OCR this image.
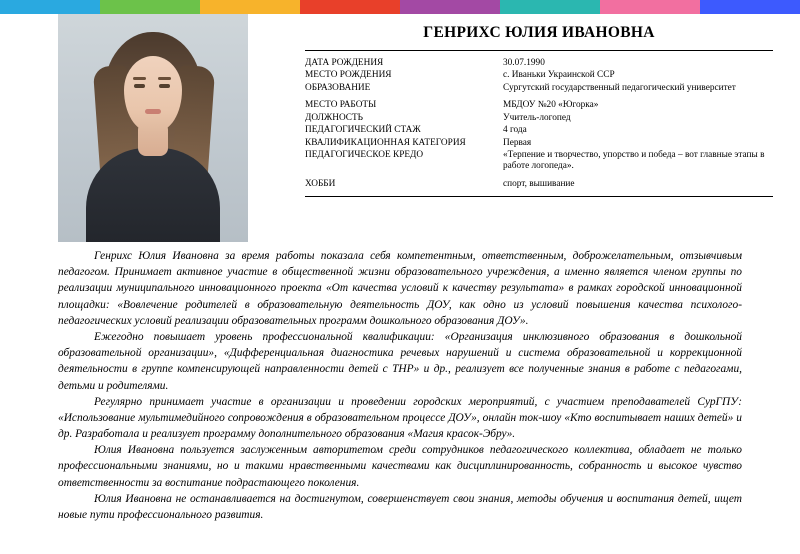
ГЕНРИХС ЮЛИЯ ИВАНОВНА
ДАТА РОЖДЕНИЯ	30.07.1990
МЕСТО РОЖДЕНИЯ	с. Иваньки Украинской ССР
ОБРАЗОВАНИЕ	Сургутский государственный педагогический университет
МЕСТО РАБОТЫ	МБДОУ №20 «Югорка»
ДОЛЖНОСТЬ	Учитель-логопед
ПЕДАГОГИЧЕСКИЙ СТАЖ	4 года
КВАЛИФИКАЦИОННАЯ КАТЕГОРИЯ	Первая
ПЕДАГОГИЧЕСКОЕ КРЕДО	«Терпение и творчество, упорство и победа – вот главные этапы в работе логопеда».
ХОББИ	спорт, вышивание

Генрихс Юлия Ивановна за время работы показала себя компетентным, ответственным, доброжелательным, отзывчивым педагогом. Принимает активное участие в общественной жизни образовательного учреждения, а именно является членом группы по реализации муниципального инновационного проекта «От качества условий к качеству результата» в рамках городской инновационной площадки: «Вовлечение родителей в образовательную деятельность ДОУ, как одно из условий повышения качества психолого-педагогических условий реализации образовательных программ дошкольного образования ДОУ».

Ежегодно повышает уровень профессиональной квалификации: «Организация инклюзивного образования в дошкольной образовательной организации», «Дифференциальная диагностика речевых нарушений и система образовательной и коррекционной деятельности в группе компенсирующей направленности детей с ТНР» и др., реализует все полученные знания в работе с педагогами, детьми и родителями.

Регулярно принимает участие в организации и проведении городских мероприятий, с участием преподавателей СурГПУ: «Использование мультимедийного сопровождения в образовательном процессе ДОУ», онлайн ток-шоу «Кто воспитывает наших детей» и др. Разработала и реализует программу дополнительного образования «Магия красок-Эбру».

Юлия Ивановна пользуется заслуженным авторитетом среди сотрудников педагогического коллектива, обладает не только профессиональными знаниями, но и такими нравственными качествами как дисциплинированность, собранность и высокое чувство ответственности за воспитание подрастающего поколения.

Юлия Ивановна не останавливается на достигнутом, совершенствует свои знания, методы обучения и воспитания детей, ищет новые пути профессионального развития.
